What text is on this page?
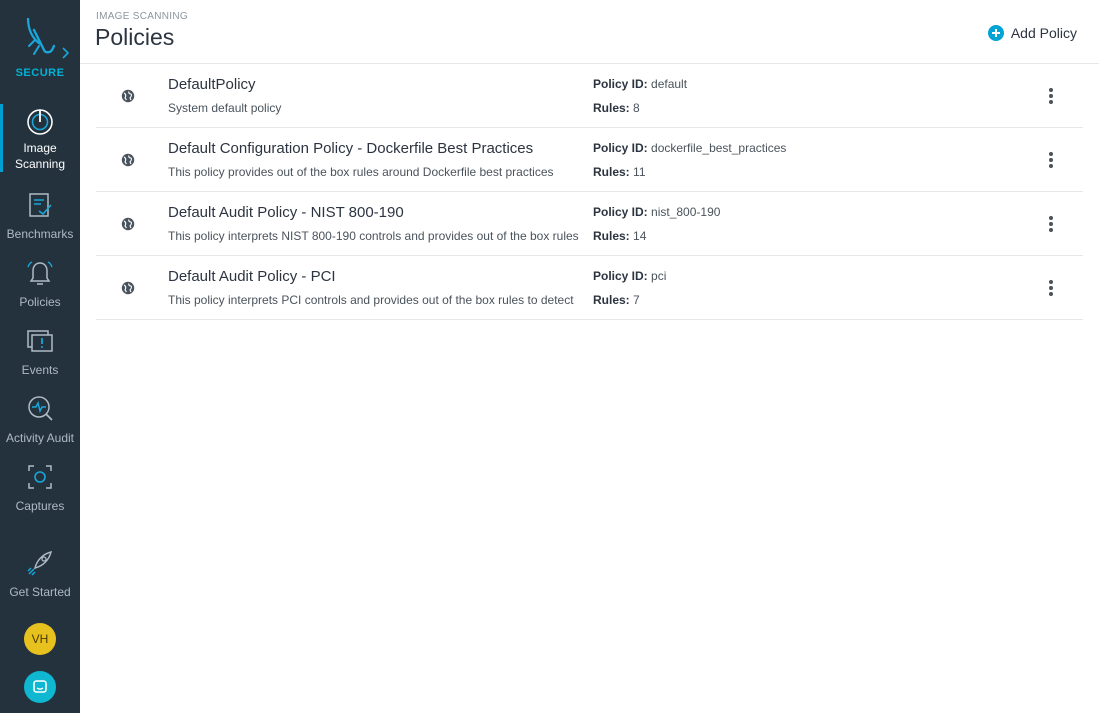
SECURE
Image
Scanning
Benchmarks
Policies
Events
Activity Audit
Captures
Get Started
VH
IMAGE SCANNING
Policies	Add Policy
DefaultPolicy
System default policy
Policy ID: default
Rules: 8
Default Configuration Policy - Dockerfile Best Practices
This policy provides out of the box rules around Dockerfile best practices
Policy ID: dockerfile_best_practices
Rules: 11
Default Audit Policy - NIST 800-190
This policy interprets NIST 800-190 controls and provides out of the box rules
Policy ID: nist_800-190
Rules: 14
Default Audit Policy - PCI
This policy interprets PCI controls and provides out of the box rules to detect
Policy ID: pci
Rules: 7
